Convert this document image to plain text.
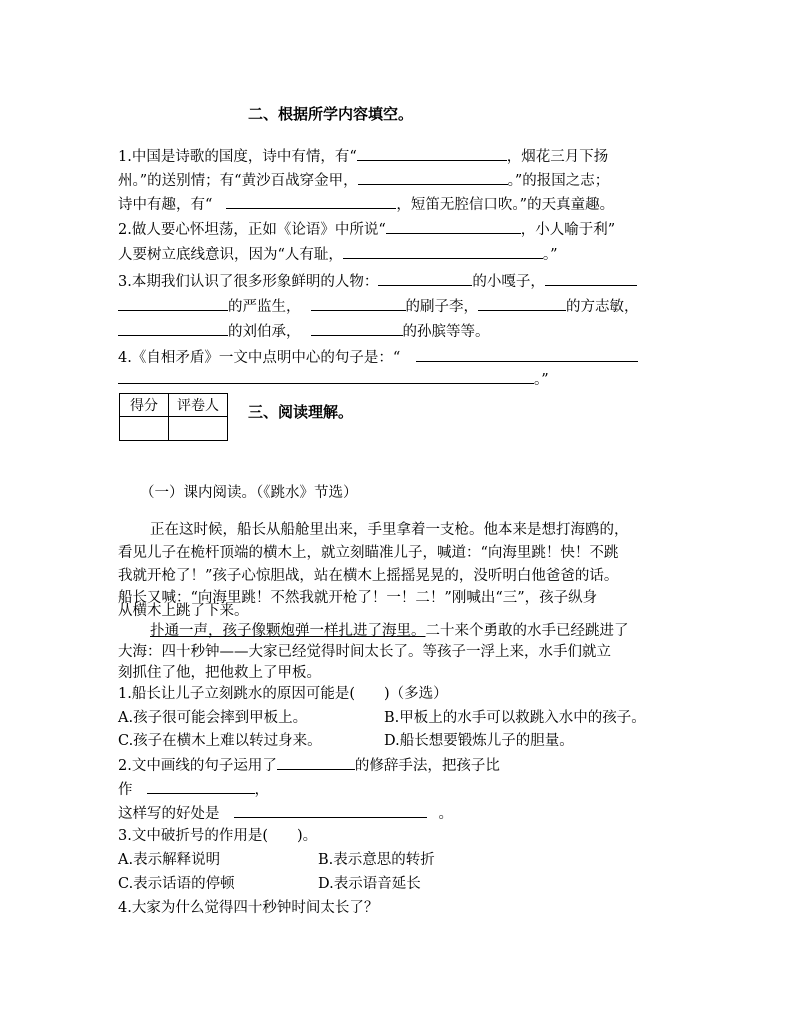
二、根据所学内容填空。
1.中国是诗歌的国度，诗中有情，有“	，烟花三月下扬
州。”的送别情；有“黄沙百战穿金甲，	。”的报国之志；
诗中有趣，有“	，短笛无腔信口吹。”的天真童趣。
2.做人要心怀坦荡，正如《论语》中所说“	，小人喻于利”
人要树立底线意识，因为“人有耻，	。”
3.本期我们认识了很多形象鲜明的人物：	的小嘎子，
的严监生，	的刷子李，	的方志敏，
的刘伯承，	的孙膑等等。
4.《自相矛盾》一文中点明中心的句子是：“
。”
得分	评卷人
	三、阅读理解。
（一）课内阅读。（《跳水》节选）
正在这时候，船长从船舱里出来，手里拿着一支枪。他本来是想打海鸥的，
看见儿子在桅杆顶端的横木上，就立刻瞄准儿子，喊道：“向海里跳！快！不跳
我就开枪了！”孩子心惊胆战，站在横木上摇摇晃晃的，没听明白他爸爸的话。
船长又喊：“向海里跳！不然我就开枪了！一！二！”刚喊出“三”，孩子纵身
从横木上跳了下来。
扑通一声，孩子像颗炮弹一样扎进了海里。二十来个勇敢的水手已经跳进了
大海：四十秒钟——大家已经觉得时间太长了。等孩子一浮上来，水手们就立
刻抓住了他，把他救上了甲板。
1.船长让儿子立刻跳水的原因可能是(　　)（多选）
A.孩子很可能会摔到甲板上。	B.甲板上的水手可以救跳入水中的孩子。
C.孩子在横木上难以转过身来。	D.船长想要锻炼儿子的胆量。
2.文中画线的句子运用了	的修辞手法，把孩子比
作	，
这样写的好处是	。
3.文中破折号的作用是(　　)。
A.表示解释说明	B.表示意思的转折
C.表示话语的停顿	D.表示语音延长
4.大家为什么觉得四十秒钟时间太长了？
